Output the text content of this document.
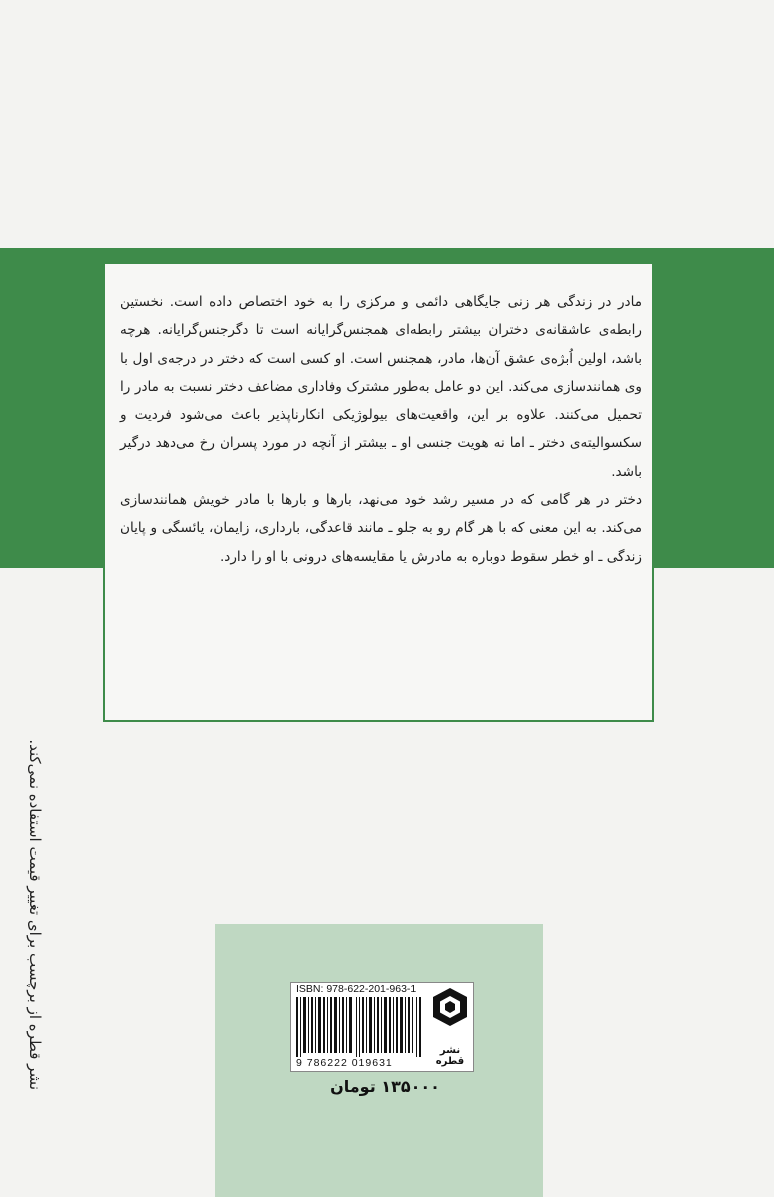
مادر در زندگی هر زنی جایگاهی دائمی و مرکزی را به خود اختصاص داده است. نخستین رابطه‌ی عاشقانه‌ی دختران بیشتر رابطه‌ای همجنس‌گرایانه است تا دگرجنس‌گرایانه. هرچه باشد، اولین اُبژه‌ی عشق آن‌ها، مادر، همجنس است. او کسی است که دختر در درجه‌ی اول با وی همانندسازی می‌کند. این دو عامل به‌طور مشترک وفاداری مضاعف دختر نسبت به مادر را تحمیل می‌کنند. علاوه بر این، واقعیت‌های بیولوژیکی انکارناپذیر باعث می‌شود فردیت و سکسوالیته‌ی دختر ـ اما نه هویت جنسی او ـ بیشتر از آنچه در مورد پسران رخ می‌دهد درگیر باشد.

دختر در هر گامی که در مسیر رشد خود می‌نهد، بارها و بارها با مادر خویش همانندسازی می‌کند. به این معنی که با هر گام رو به جلو ـ مانند قاعدگی، بارداری، زایمان، یائسگی و پایان زندگی ـ او خطر سقوط دوباره به مادرش یا مقایسه‌های درونی با او را دارد.

نشر قطره از برچسب برای تغییر قیمت استفاده نمی‌کند.	ISBN: 978-622-201-963-1
9 786222 019631
نشر قطره
۱۳۵۰۰۰ تومان
